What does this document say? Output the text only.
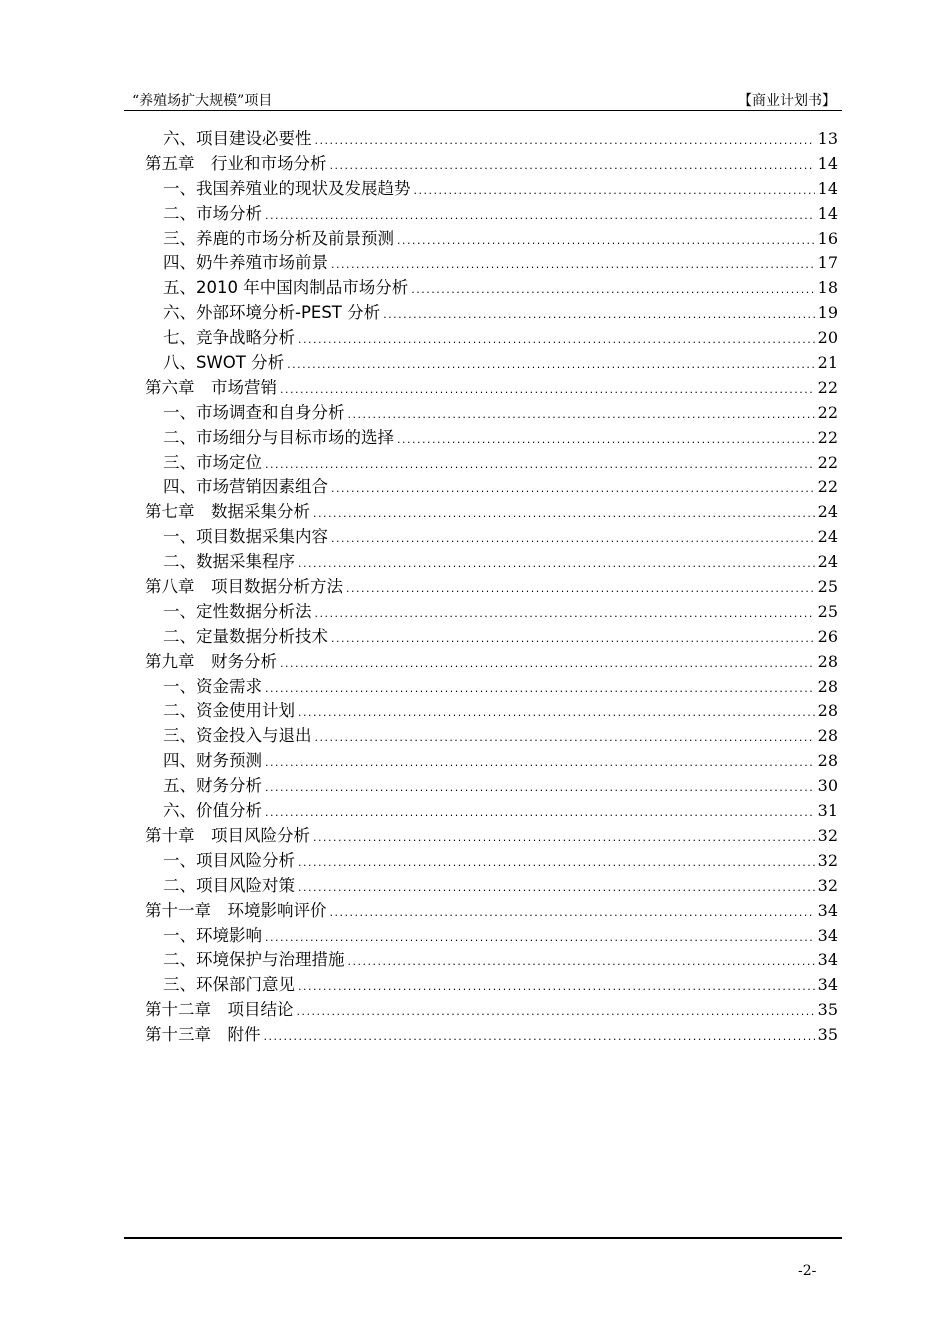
“养殖场扩大规模”项目	【商业计划书】
六、项目建设必要性 . . .	13
第五章　行业和市场分析 . . .	14
一、我国养殖业的现状及发展趋势 . . .	14
二、市场分析 . . .	14
三、养鹿的市场分析及前景预测 . . .	16
四、奶牛养殖市场前景 . . .	17
五、2010 年中国肉制品市场分析 . . .	18
六、外部环境分析-PEST 分析 . . .	19
七、竞争战略分析 . . .	20
八、SWOT 分析 . . .	21
第六章　市场营销 . . .	22
一、市场调查和自身分析 . . .	22
二、市场细分与目标市场的选择 . . .	22
三、市场定位 . . .	22
四、市场营销因素组合 . . .	22
第七章　数据采集分析 . . .	24
一、项目数据采集内容 . . .	24
二、数据采集程序 . . .	24
第八章　项目数据分析方法 . . .	25
一、定性数据分析法 . . .	25
二、定量数据分析技术 . . .	26
第九章　财务分析 . . .	28
一、资金需求 . . .	28
二、资金使用计划 . . .	28
三、资金投入与退出 . . .	28
四、财务预测 . . .	28
五、财务分析 . . .	30
六、价值分析 . . .	31
第十章　项目风险分析 . . .	32
一、项目风险分析 . . .	32
二、项目风险对策 . . .	32
第十一章　环境影响评价 . . .	34
一、环境影响 . . .	34
二、环境保护与治理措施 . . .	34
三、环保部门意见 . . .	34
第十二章　项目结论 . . .	35
第十三章　附件 . . .	35
-2-
